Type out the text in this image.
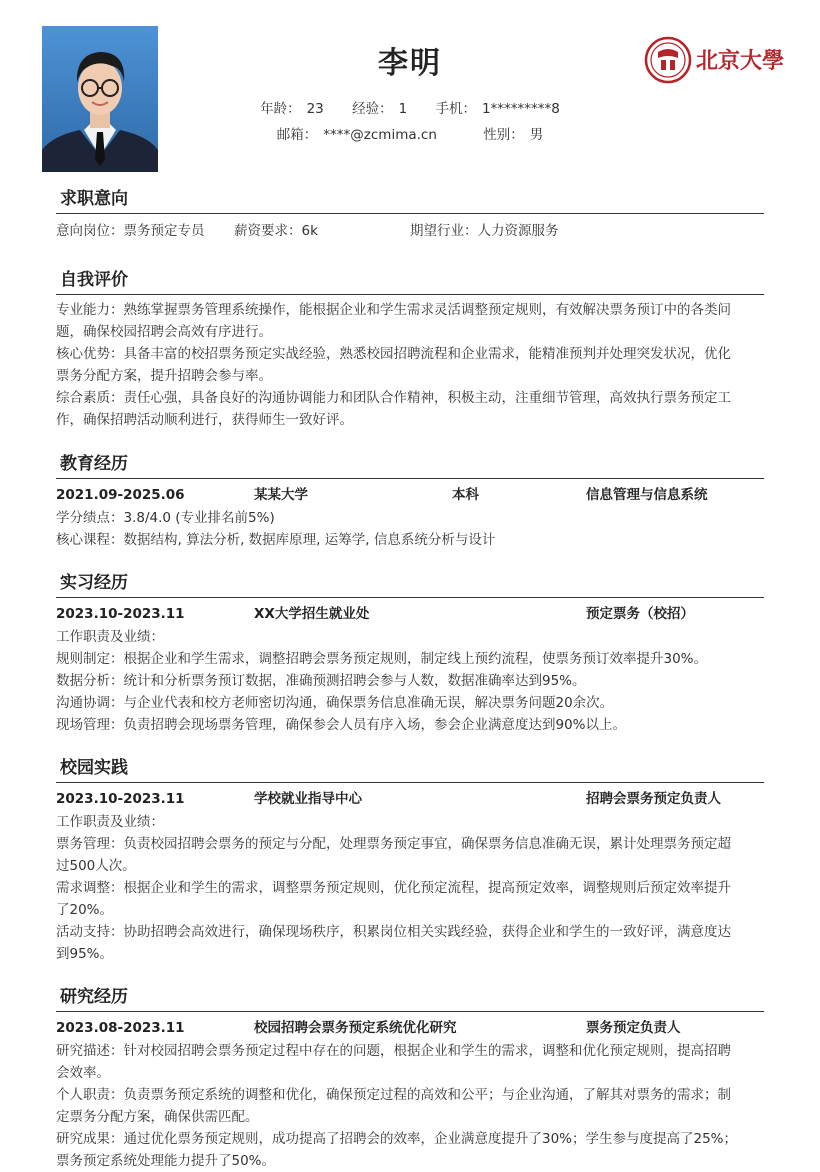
李明
年龄： 23 经验： 1 手机： 1*********8
邮箱： ****@zcmima.cn	性别： 男
北京大學
求职意向
意向岗位：票务预定专员	薪资要求：6k	期望行业：人力资源服务
自我评价
专业能力：熟练掌握票务管理系统操作，能根据企业和学生需求灵活调整预定规则，有效解决票务预订中的各类问
题，确保校园招聘会高效有序进行。
核心优势：具备丰富的校招票务预定实战经验，熟悉校园招聘流程和企业需求，能精准预判并处理突发状况，优化
票务分配方案，提升招聘会参与率。
综合素质：责任心强，具备良好的沟通协调能力和团队合作精神，积极主动，注重细节管理，高效执行票务预定工
作，确保招聘活动顺利进行，获得师生一致好评。
教育经历
2021.09-2025.06	某某大学	本科	信息管理与信息系统
学分绩点：3.8/4.0 (专业排名前5%)
核心课程：数据结构, 算法分析, 数据库原理, 运筹学, 信息系统分析与设计
实习经历
2023.10-2023.11	XX大学招生就业处	预定票务（校招）
工作职责及业绩：
规则制定：根据企业和学生需求，调整招聘会票务预定规则，制定线上预约流程，使票务预订效率提升30%。
数据分析：统计和分析票务预订数据，准确预测招聘会参与人数，数据准确率达到95%。
沟通协调：与企业代表和校方老师密切沟通，确保票务信息准确无误，解决票务问题20余次。
现场管理：负责招聘会现场票务管理，确保参会人员有序入场，参会企业满意度达到90%以上。
校园实践
2023.10-2023.11	学校就业指导中心	招聘会票务预定负责人
工作职责及业绩：
票务管理：负责校园招聘会票务的预定与分配，处理票务预定事宜，确保票务信息准确无误，累计处理票务预定超
过500人次。
需求调整：根据企业和学生的需求，调整票务预定规则，优化预定流程，提高预定效率，调整规则后预定效率提升
了20%。
活动支持：协助招聘会高效进行，确保现场秩序，积累岗位相关实践经验，获得企业和学生的一致好评，满意度达
到95%。
研究经历
2023.08-2023.11	校园招聘会票务预定系统优化研究	票务预定负责人
研究描述：针对校园招聘会票务预定过程中存在的问题，根据企业和学生的需求，调整和优化预定规则，提高招聘
会效率。
个人职责：负责票务预定系统的调整和优化，确保预定过程的高效和公平；与企业沟通，了解其对票务的需求；制
定票务分配方案，确保供需匹配。
研究成果：通过优化票务预定规则，成功提高了招聘会的效率，企业满意度提升了30%；学生参与度提高了25%；
票务预定系统处理能力提升了50%。
